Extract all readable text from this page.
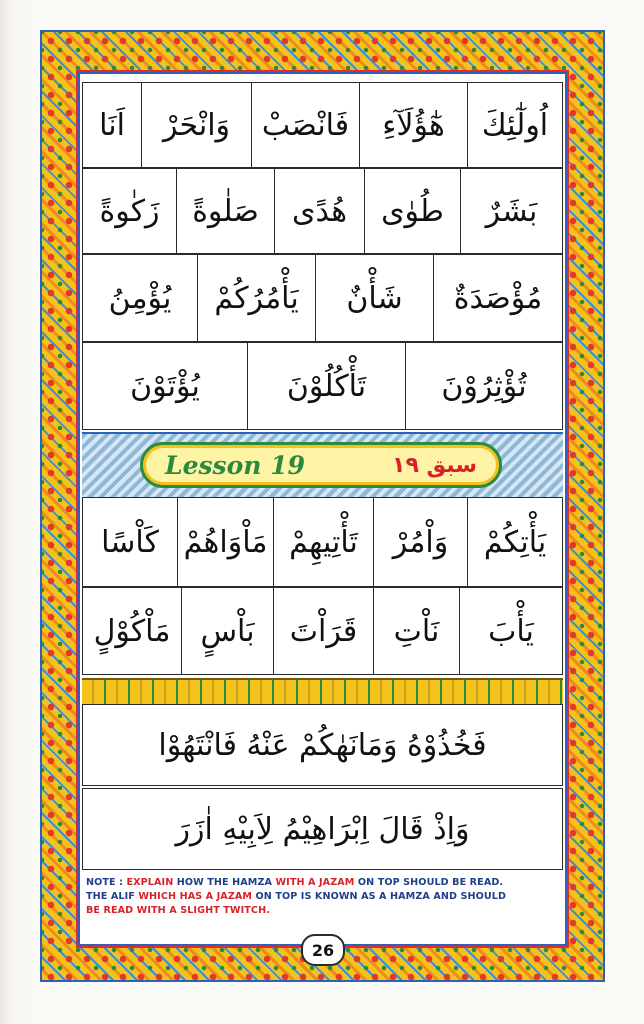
اُولٰٓئِكَ
هٰٓؤُلَآءِ
فَانْصَبْ
وَانْحَرْ
اَنَا
بَشَرٌ
طُوٰی
هُدًی
صَلٰوةً
زَكٰوةً
مُؤْصَدَةٌ
شَأْنٌ
يَأْمُرُكُمْ
يُؤْمِنُ
تُؤْثِرُوْنَ
تَأْكُلُوْنَ
يُؤْتَوْنَ
Lesson 19	سبق ۱۹
يَأْتِكُمْ
وَاْمُرْ
تَأْتِيهِمْ
مَاْوَاهُمْ
كَاْسًا
يَأْبَ
نَاْتِ
قَرَاْتَ
بَاْسٍ
مَاْكُوْلٍ
فَخُذُوْهُ وَمَانَهٰكُمْ عَنْهُ فَانْتَهُوْا
وَاِذْ قَالَ اِبْرَاهِيْمُ لِاَبِيْهِ اٰزَرَ
NOTE : EXPLAIN HOW THE HAMZA WITH A JAZAM ON TOP SHOULD BE READ.
THE ALIF WHICH HAS A JAZAM ON TOP IS KNOWN AS A HAMZA AND SHOULD
BE READ WITH A SLIGHT TWITCH.
26
